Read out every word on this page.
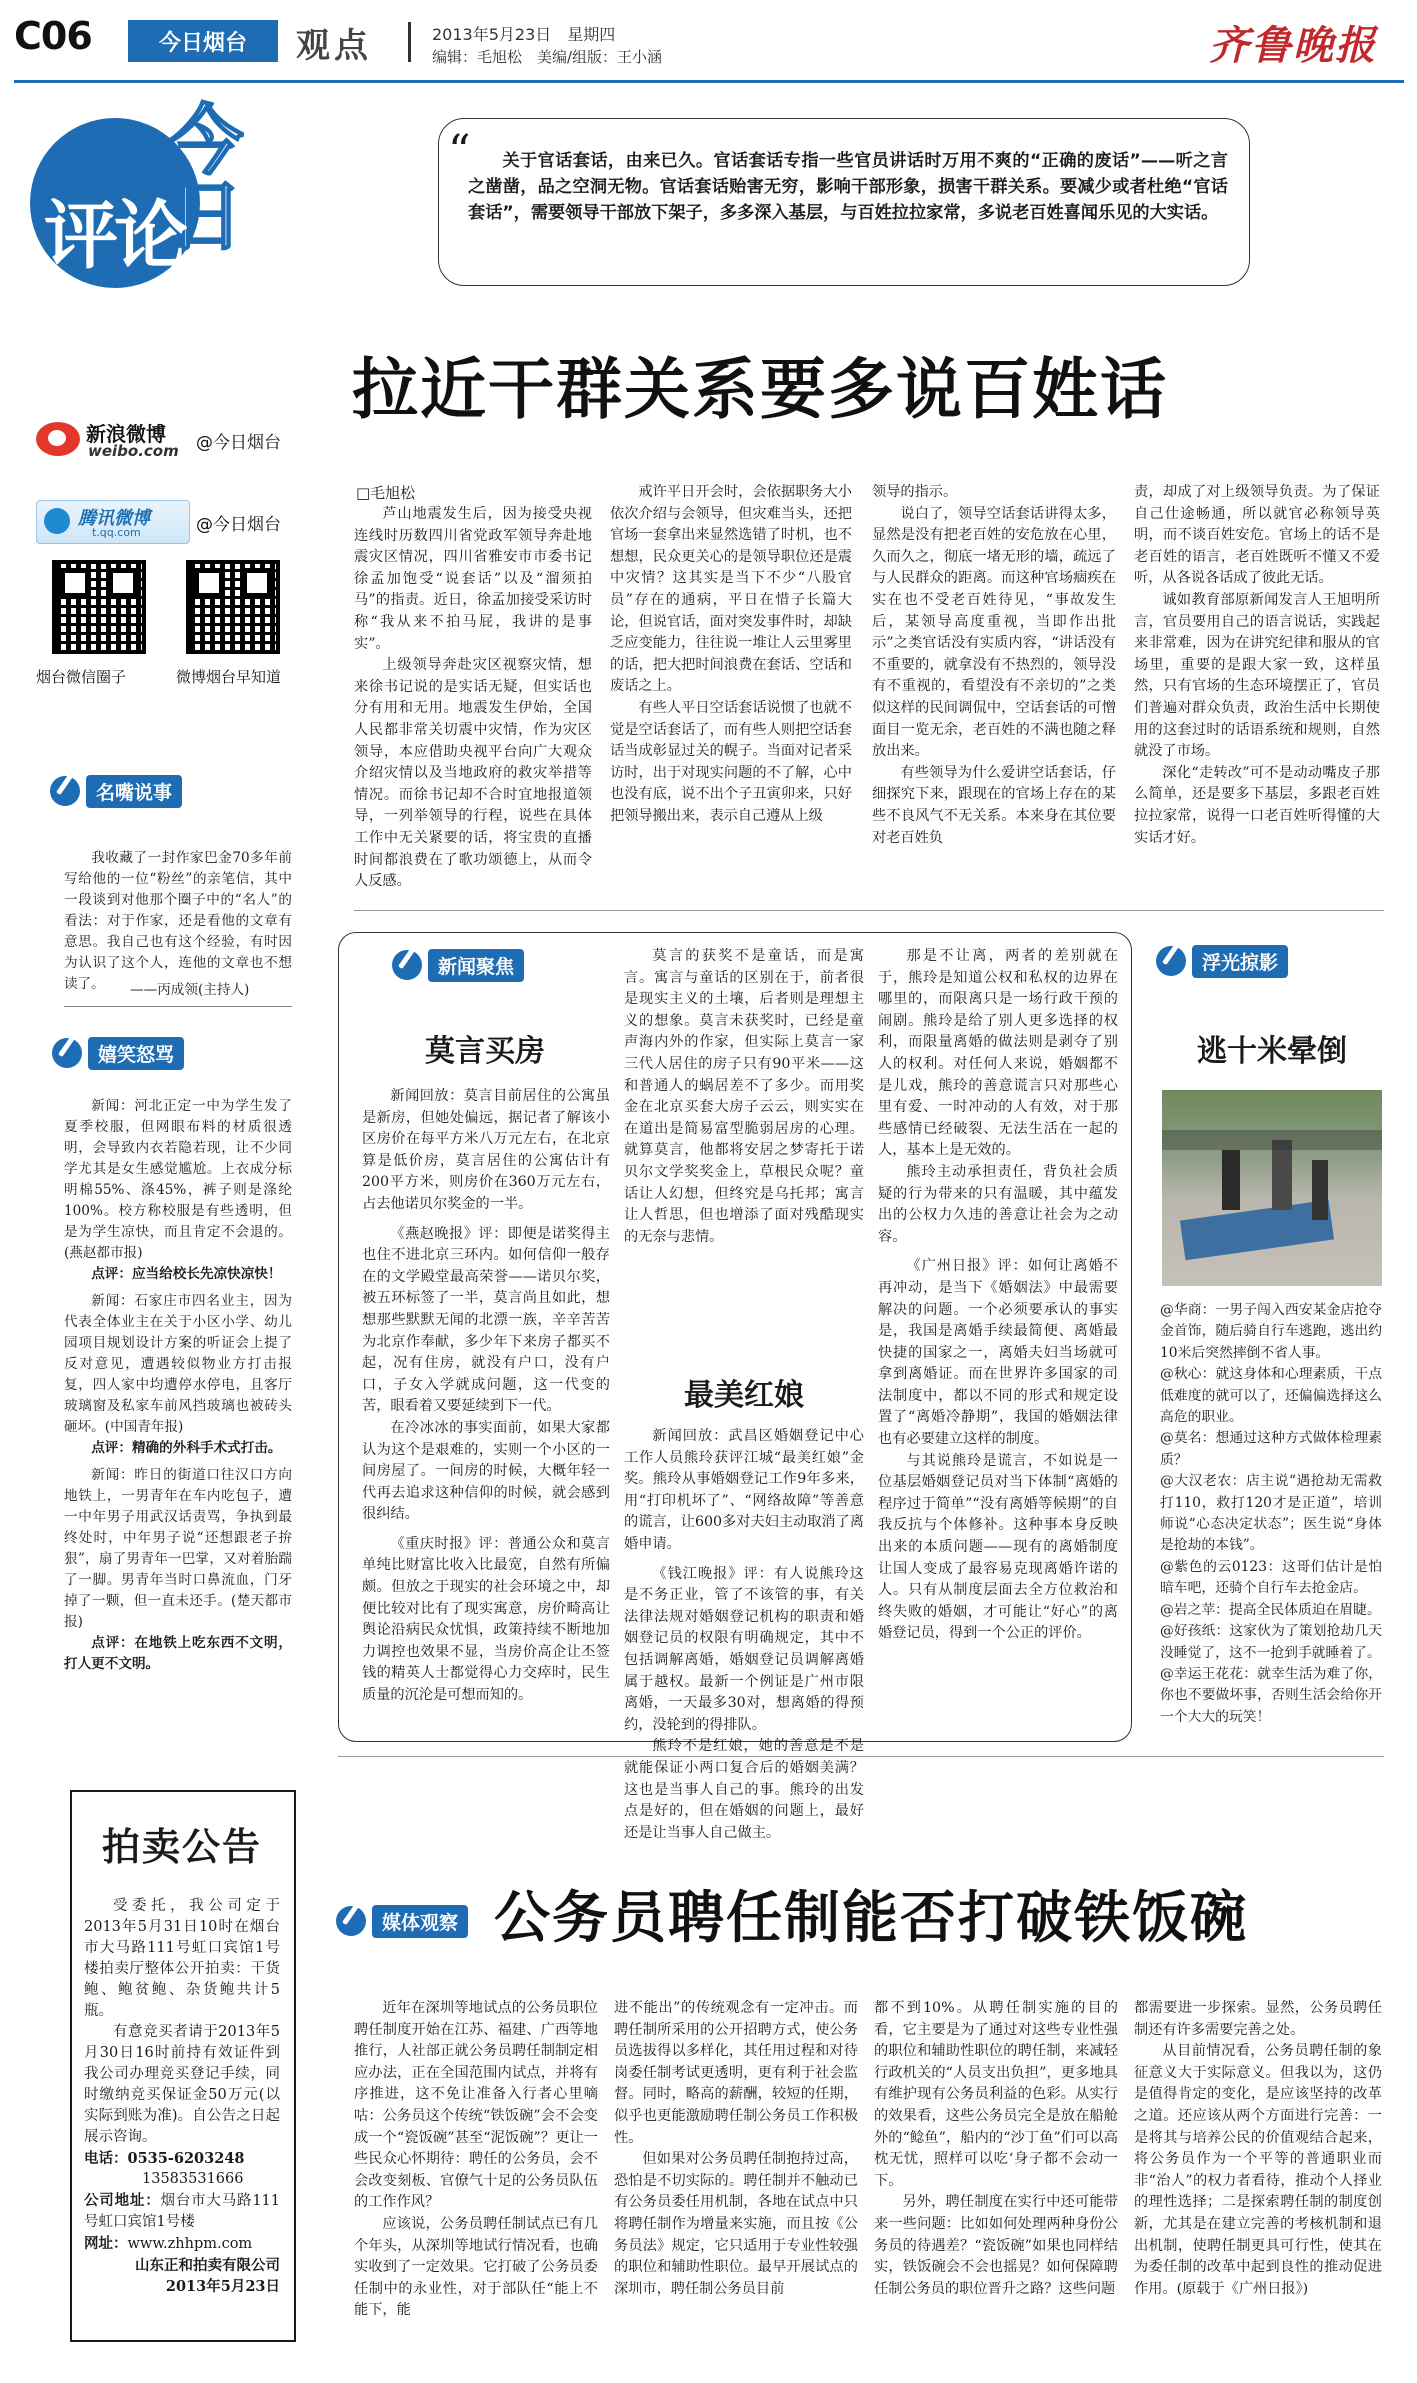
C06	今日烟台	观点	2013年5月23日　星期四
编辑：毛旭松　美编/组版：王小涵	齐鲁晚报
今日
评论
新浪微博
weibo.com @今日烟台
腾讯微博
t.qq.com	@今日烟台
烟台微信圈子	微博烟台早知道
“	关于官话套话，由来已久。官话套话专指一些官员讲话时万用不爽的“正确的废话”——听之言之凿凿，品之空洞无物。官话套话贻害无穷，影响干部形象，损害干群关系。要减少或者杜绝“官话套话”，需要领导干部放下架子，多多深入基层，与百姓拉拉家常，多说老百姓喜闻乐见的大实话。
拉近干群关系要多说百姓话
□毛旭松

芦山地震发生后，因为接受央视连线时历数四川省党政军领导奔赴地震灾区情况，四川省雅安市市委书记徐孟加饱受“说套话”以及“溜须拍马”的指责。近日，徐孟加接受采访时称“我从来不拍马屁，我讲的是事实”。

上级领导奔赴灾区视察灾情，想来徐书记说的是实话无疑，但实话也分有用和无用。地震发生伊始，全国人民都非常关切震中灾情，作为灾区领导，本应借助央视平台向广大观众介绍灾情以及当地政府的救灾举措等情况。而徐书记却不合时宜地报道领导，一列举领导的行程，说些在具体工作中无关紧要的话，将宝贵的直播时间都浪费在了歌功颂德上，从而令人反感。

戒许平日开会时，会依据职务大小依次介绍与会领导，但灾难当头，还把官场一套拿出来显然选错了时机，也不想想，民众更关心的是领导职位还是震中灾情？这其实是当下不少“八股官员”存在的通病，平日在惜子长篇大论，但说官话，面对突发事件时，却缺乏应变能力，往往说一堆让人云里雾里的话，把大把时间浪费在套话、空话和废话之上。

有些人平日空话套话说惯了也就不觉是空话套话了，而有些人则把空话套话当成彰显过关的幌子。当面对记者采访时，出于对现实问题的不了解，心中也没有底，说不出个子丑寅卯来，只好把领导搬出来，表示自己遵从上级

领导的指示。

说白了，领导空话套话讲得太多，显然是没有把老百姓的安危放在心里，久而久之，彻底一堵无形的墙，疏远了与人民群众的距离。而这种官场痼疾在实在也不受老百姓待见，“事故发生后，某领导高度重视，当即作出批示”之类官话没有实质内容，“讲话没有不重要的，就拿没有不热烈的，领导没有不重视的，看望没有不亲切的”之类似这样的民间调侃中，空话套话的可憎面目一览无余，老百姓的不满也随之释放出来。

有些领导为什么爱讲空话套话，仔细探究下来，跟现在的官场上存在的某些不良风气不无关系。本来身在其位要对老百姓负

责，却成了对上级领导负责。为了保证自己仕途畅通，所以就官必称领导英明，而不谈百姓安危。官场上的话不是老百姓的语言，老百姓既听不懂又不爱听，从各说各话成了彼此无话。

诚如教育部原新闻发言人王旭明所言，官员要用自己的语言说话，实践起来非常难，因为在讲究纪律和服从的官场里，重要的是跟大家一致，这样虽然，只有官场的生态环境摆正了，官员们普遍对群众负责，政治生活中长期使用的这套过时的话语系统和规则，自然就没了市场。

深化“走转改”可不是动动嘴皮子那么简单，还是要多下基层，多跟老百姓拉拉家常，说得一口老百姓听得懂的大实话才好。

名嘴说事

我收藏了一封作家巴金70多年前写给他的一位“粉丝”的亲笔信，其中一段谈到对他那个圈子中的“名人”的看法：对于作家，还是看他的文章有意思。我自己也有这个经验，有时因为认识了这个人，连他的文章也不想读了。	——丙成领(主持人)
嬉笑怒骂

新闻：河北正定一中为学生发了夏季校服，但网眼布料的材质很透明，会导致内衣若隐若现，让不少同学尤其是女生感觉尴尬。上衣成分标明棉55%、涤45%，裤子则是涤纶100%。校方称校服是有些透明，但是为学生凉快，而且肯定不会退的。(燕赵都市报)

点评：应当给校长先凉快凉快！

新闻：石家庄市四名业主，因为代表全体业主在关于小区小学、幼儿园项目规划设计方案的听证会上提了反对意见，遭遇较似物业方打击报复，四人家中均遭停水停电，且客厅玻璃窗及私家车前风挡玻璃也被砖头砸坏。(中国青年报)

点评：精确的外科手术式打击。

新闻：昨日的街道口往汉口方向地铁上，一男青年在车内吃包子，遭一中年男子用武汉话责骂，争执到最终处时，中年男子说“还想跟老子拚狠”，扇了男青年一巴掌，又对着胎踹了一脚。男青年当时口鼻流血，门牙掉了一颗，但一直未还手。(楚天都市报)

点评：在地铁上吃东西不文明，打人更不文明。

拍卖公告
受委托，我公司定于2013年5月31日10时在烟台市大马路111号虹口宾馆1号楼拍卖厅整体公开拍卖：干货鲍、鲍贫鲍、杂货鲍共计5瓶。
有意竞买者请于2013年5月30日16时前持有效证件到我公司办理竞买登记手续，同时缴纳竞买保证金50万元(以实际到账为准)。自公告之日起展示咨询。
电话：0535-6203248
13583531666
公司地址：烟台市大马路111号虹口宾馆1号楼
网址：www.zhhpm.com
山东正和拍卖有限公司
2013年5月23日
新闻聚焦
莫言买房

新闻回放：莫言目前居住的公寓虽是新房，但她处偏远，据记者了解该小区房价在每平方米八万元左右，在北京算是低价房，莫言居住的公寓估计有200平方米，则房价在360万元左右，占去他诺贝尔奖金的一半。

《燕赵晚报》评：即便是诺奖得主也住不进北京三环内。如何信仰一般存在的文学殿堂最高荣誉——诺贝尔奖，被五环标签了一半，莫言尚且如此，想想那些默默无闻的北漂一族，辛辛苦苦为北京作奉献，多少年下来房子都买不起，况有住房，就没有户口，没有户口，子女入学就成问题，这一代变的苦，眼看着又要延续到下一代。

在冷冰冰的事实面前，如果大家都认为这个是艰难的，实则一个小区的一间房屋了。一间房的时候，大概年轻一代再去追求这种信仰的时候，就会感到很纠结。

《重庆时报》评：普通公众和莫言单纯比财富比收入比最宽，自然有所偏颇。但放之于现实的社会环境之中，却便比较对比有了现实寓意，房价畸高让舆论沿病民众忧惧，政策持续不断地加力调控也效果不显，当房价高企让丕签钱的精英人士都觉得心力交瘁时，民生质量的沉沦是可想而知的。

莫言的获奖不是童话，而是寓言。寓言与童话的区别在于，前者很是现实主义的土壤，后者则是理想主义的想象。莫言未获奖时，已经是童声海内外的作家，但实际上莫言一家三代人居住的房子只有90平米——这和普通人的蜗居差不了多少。而用奖金在北京买套大房子云云，则实实在在道出是简易富型脆弱居房的心理。就算莫言，他都将安居之梦寄托于诺贝尔文学奖奖金上，草根民众呢？童话让人幻想，但终究是乌托邦；寓言让人哲思，但也增添了面对残酷现实的无奈与悲情。

最美红娘

新闻回放：武昌区婚姻登记中心工作人员熊玲获评江城“最美红娘”金奖。熊玲从事婚姻登记工作9年多来，用“打印机坏了”、“网络故障”等善意的谎言，让600多对夫妇主动取消了离婚申请。

《钱江晚报》评：有人说熊玲这是不务正业，管了不该管的事，有关法律法规对婚姻登记机构的职责和婚姻登记员的权限有明确规定，其中不包括调解离婚，婚姻登记员调解离婚属于越权。最新一个例证是广州市限离婚，一天最多30对，想离婚的得预约，没轮到的得排队。

熊玲不是红娘，她的善意是不是就能保证小两口复合后的婚姻美满？这也是当事人自己的事。熊玲的出发点是好的，但在婚姻的问题上，最好还是让当事人自己做主。

那是不让离，两者的差别就在于，熊玲是知道公权和私权的边界在哪里的，而限离只是一场行政干预的闹剧。熊玲是给了别人更多选择的权利，而限量离婚的做法则是剥夺了别人的权利。对任何人来说，婚姻都不是儿戏，熊玲的善意谎言只对那些心里有爱、一时冲动的人有效，对于那些感情已经破裂、无法生活在一起的人，基本上是无效的。

熊玲主动承担责任，背负社会质疑的行为带来的只有温暖，其中蕴发出的公权力久违的善意让社会为之动容。

《广州日报》评：如何让离婚不再冲动，是当下《婚姻法》中最需要解决的问题。一个必须要承认的事实是，我国是离婚手续最简便、离婚最快捷的国家之一，离婚夫妇当场就可拿到离婚证。而在世界许多国家的司法制度中，都以不同的形式和规定设置了“离婚冷静期”，我国的婚姻法律也有必要建立这样的制度。

与其说熊玲是谎言，不如说是一位基层婚姻登记员对当下体制“离婚的程序过于简单”“没有离婚等候期”的自我反抗与个体修补。这种事本身反映出来的本质问题——现有的离婚制度让国人变成了最容易克现离婚许诺的人。只有从制度层面去全方位救治和终失败的婚姻，才可能让“好心”的离婚登记员，得到一个公正的评价。

浮光掠影
逃十米晕倒

@华商：一男子闯入西安某金店抢夺金首饰，随后骑自行车逃跑，逃出约10米后突然摔倒不省人事。

@秋心：就这身体和心理素质，干点低难度的就可以了，还偏偏选择这么高危的职业。

@莫名：想通过这种方式做体检理素质？

@大汉老农：店主说“遇抢劫无需救打110，救打120才是正道”，培训师说“心态决定状态”；医生说“身体是抢劫的本钱”。

@紫色的云0123：这哥们估计是怕暗车吧，还骑个自行车去抢金店。

@岩之苹：提高全民体质迫在眉睫。

@好孩纸：这家伙为了策划抢劫几天没睡觉了，这不一抢到手就睡着了。

@幸运王花花：就幸生活为难了你，你也不要做坏事，否则生活会给你开一个大大的玩笑！

媒体观察 公务员聘任制能否打破铁饭碗

近年在深圳等地试点的公务员职位聘任制度开始在江苏、福建、广西等地推行，人社部正就公务员聘任制制定相应办法，正在全国范围内试点，并将有序推进，这不免让准备入行者心里嘀咕：公务员这个传统“铁饭碗”会不会变成一个“瓷饭碗”甚至“泥饭碗”？更让一些民众心怀期待：聘任的公务员，会不会改变刻板、官僚气十足的公务员队伍的工作作风？

应该说，公务员聘任制试点已有几个年头，从深圳等地试行情况看，也确实收到了一定效果。它打破了公务员委任制中的永业性，对于部队任“能上不能下，能

进不能出”的传统观念有一定冲击。而聘任制所采用的公开招聘方式，使公务员选拔得以多样化，其任用过程和对待岗委任制考试更透明，更有利于社会监督。同时，略高的薪酬，较短的任期，似乎也更能激励聘任制公务员工作积极性。

但如果对公务员聘任制抱持过高，恐怕是不切实际的。聘任制并不触动已有公务员委任用机制，各地在试点中只将聘任制作为增量来实施，而且按《公务员法》规定，它只适用于专业性较强的职位和辅助性职位。最早开展试点的深圳市，聘任制公务员目前

都不到10%。从聘任制实施的目的看，它主要是为了通过对这些专业性强的职位和辅助性职位的聘任制，来减轻行政机关的“人员支出负担”，更多地具有维护现有公务员利益的色彩。从实行的效果看，这些公务员完全是放在船舱外的“鲶鱼”，船内的“沙丁鱼”们可以高枕无忧，照样可以吃‘身子都不会动一下。

另外，聘任制度在实行中还可能带来一些问题：比如如何处理两种身份公务员的待遇差？“瓷饭碗”如果也同样结实，铁饭碗会不会也摇晃？如何保障聘任制公务员的职位晋升之路？这些问题

都需要进一步探索。显然，公务员聘任制还有许多需要完善之处。

从目前情况看，公务员聘任制的象征意义大于实际意义。但我以为，这仍是值得肯定的变化，是应该坚持的改革之道。还应该从两个方面进行完善：一是将其与培养公民的价值观结合起来，将公务员作为一个平等的普通职业而非“治人”的权力者看待，推动个人择业的理性选择；二是探索聘任制的制度创新，尤其是在建立完善的考核机制和退出机制，使聘任制更具可行性，使其在为委任制的改革中起到良性的推动促进作用。(原载于《广州日报》)
